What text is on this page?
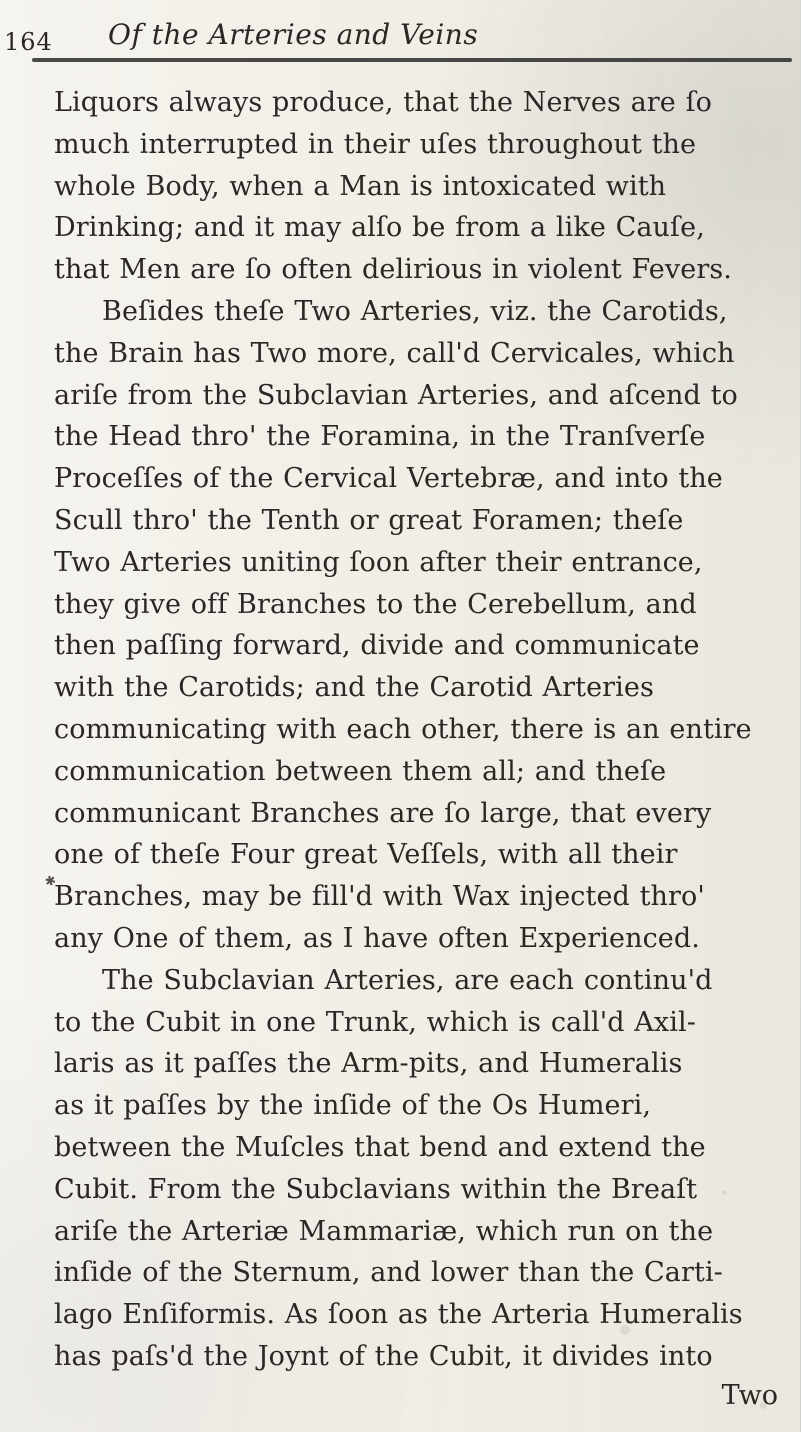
164 Of the Arteries and Veins
✱
Liquors always produce, that the Nerves are ſo
much interrupted in their uſes throughout the
whole Body, when a Man is intoxicated with
Drinking; and it may alſo be from a like Cauſe,
that Men are ſo often delirious in violent Fevers.
Beſides theſe Two Arteries, viz. the Carotids,
the Brain has Two more, call'd Cervicales, which
ariſe from the Subclavian Arteries, and aſcend to
the Head thro' the Foramina, in the Tranſverſe
Proceſſes of the Cervical Vertebræ, and into the
Scull thro' the Tenth or great Foramen; theſe
Two Arteries uniting ſoon after their entrance,
they give off Branches to the Cerebellum, and
then paſſing forward, divide and communicate
with the Carotids; and the Carotid Arteries
communicating with each other, there is an entire
communication between them all; and theſe
communicant Branches are ſo large, that every
one of theſe Four great Veſſels, with all their
Branches, may be fill'd with Wax injected thro'
any One of them, as I have often Experienced.
The Subclavian Arteries, are each continu'd
to the Cubit in one Trunk, which is call'd Axil-
laris as it paſſes the Arm-pits, and Humeralis
as it paſſes by the inſide of the Os Humeri,
between the Muſcles that bend and extend the
Cubit. From the Subclavians within the Breaſt
ariſe the Arteriæ Mammariæ, which run on the
inſide of the Sternum, and lower than the Carti-
lago Enſiformis. As ſoon as the Arteria Humeralis
has paſs'd the Joynt of the Cubit, it divides into
Two
